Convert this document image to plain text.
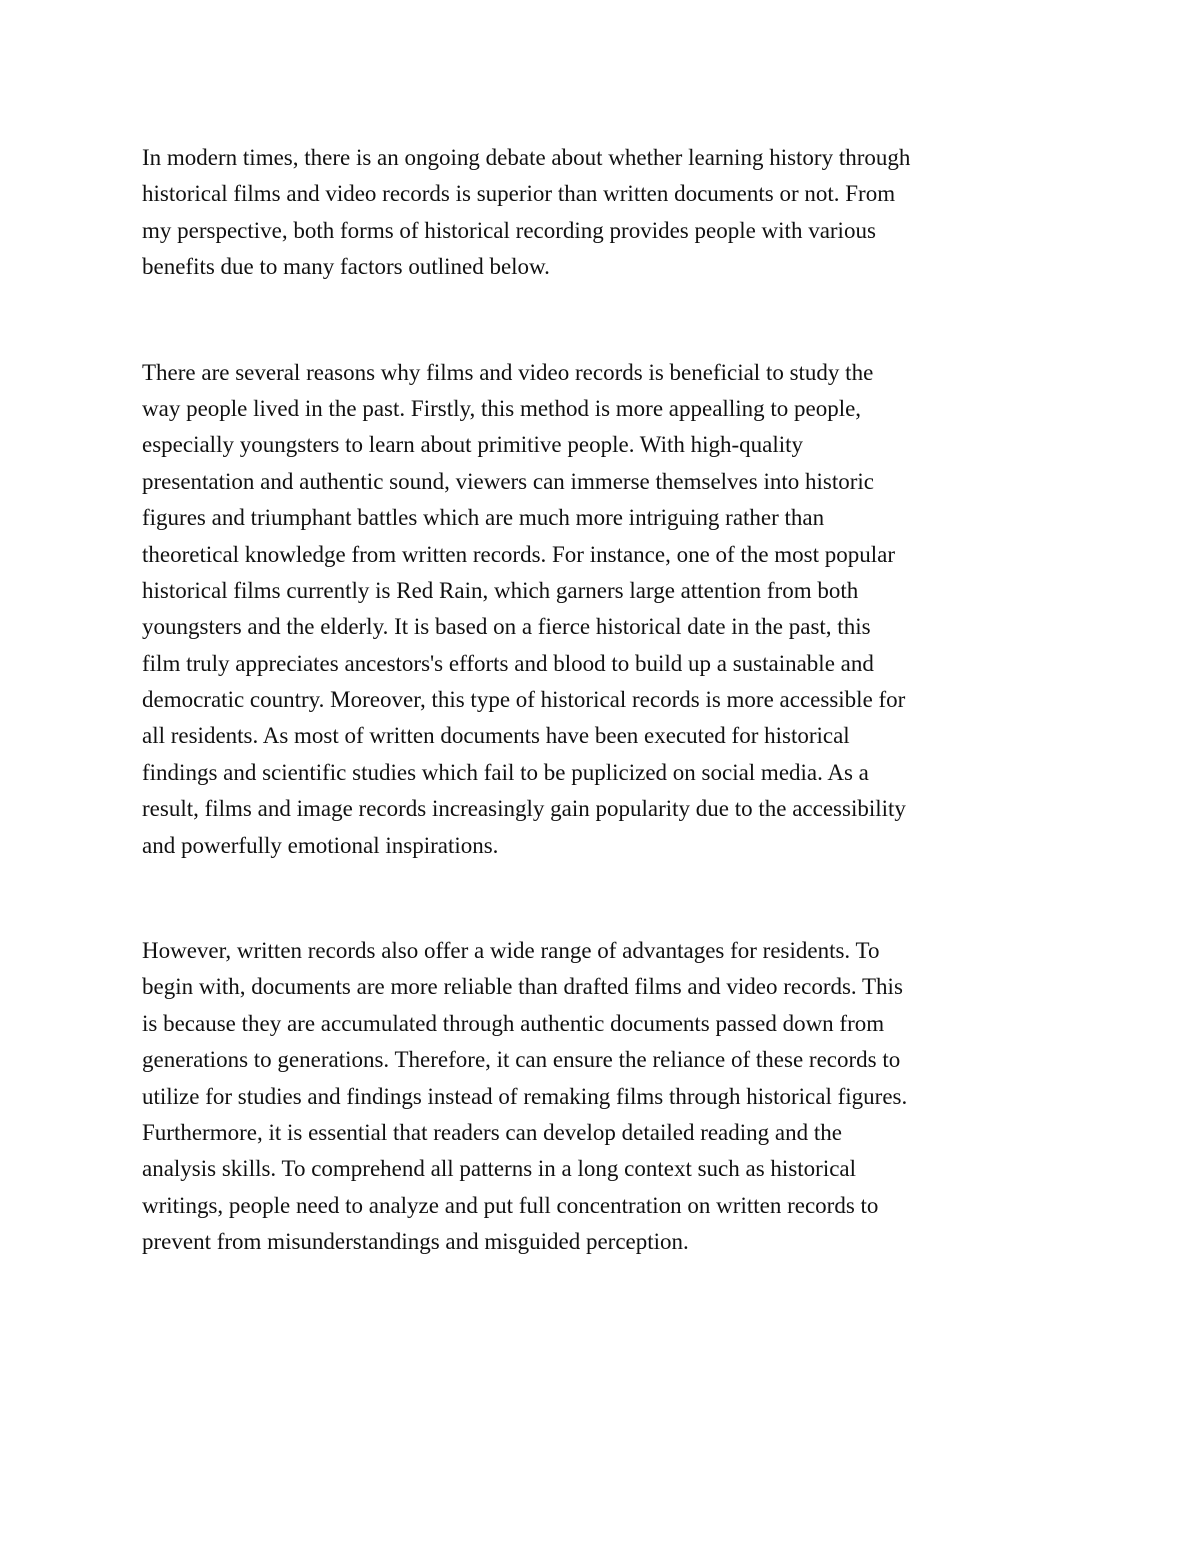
In modern times, there is an ongoing debate about whether learning history through
historical films and video records is superior than written documents or not. From
my perspective, both forms of historical recording provides people with various
benefits due to many factors outlined below.
There are several reasons why films and video records is beneficial to study the
way people lived in the past. Firstly, this method is more appealling to people,
especially youngsters to learn about primitive people. With high-quality
presentation and authentic sound, viewers can immerse themselves into historic
figures and triumphant battles which are much more intriguing rather than
theoretical knowledge from written records. For instance, one of the most popular
historical films currently is Red Rain, which garners large attention from both
youngsters and the elderly. It is based on a fierce historical date in the past, this
film truly appreciates ancestors's efforts and blood to build up a sustainable and
democratic country. Moreover, this type of historical records is more accessible for
all residents. As most of written documents have been executed for historical
findings and scientific studies which fail to be puplicized on social media. As a
result, films and image records increasingly gain popularity due to the accessibility
and powerfully emotional inspirations.
However, written records also offer a wide range of advantages for residents. To
begin with, documents are more reliable than drafted films and video records. This
is because they are accumulated through authentic documents passed down from
generations to generations. Therefore, it can ensure the reliance of these records to
utilize for studies and findings instead of remaking films through historical figures.
Furthermore, it is essential that readers can develop detailed reading and the
analysis skills. To comprehend all patterns in a long context such as historical
writings, people need to analyze and put full concentration on written records to
prevent from misunderstandings and misguided perception.
